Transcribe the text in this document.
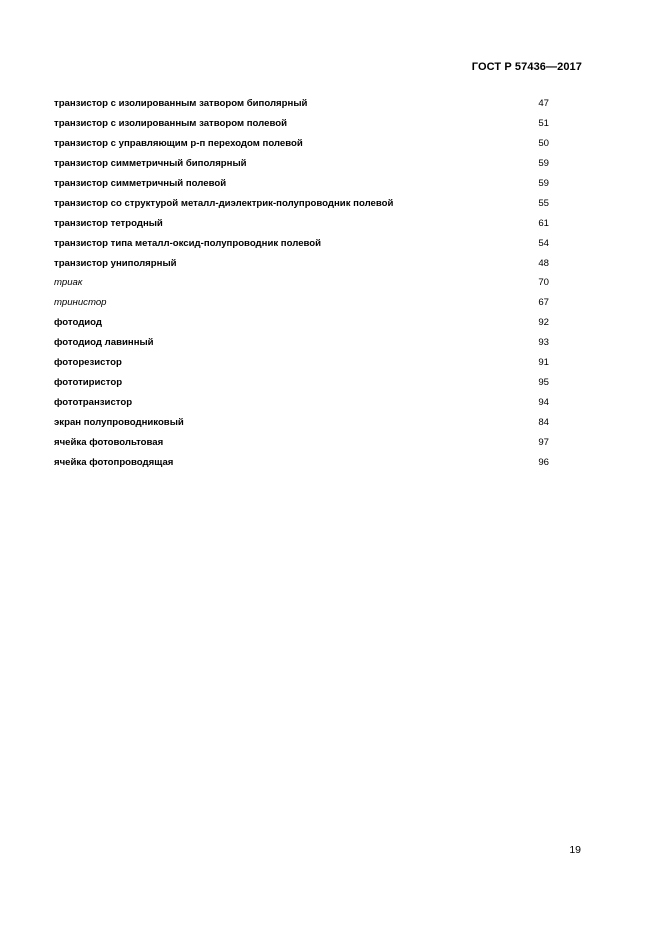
ГОСТ Р 57436—2017
транзистор с изолированным затвором биполярный	47
транзистор с изолированным затвором полевой	51
транзистор с управляющим р-п переходом полевой	50
транзистор симметричный биполярный	59
транзистор симметричный полевой	59
транзистор со структурой металл-диэлектрик-полупроводник полевой	55
транзистор тетродный	61
транзистор типа металл-оксид-полупроводник полевой	54
транзистор униполярный	48
триак	70
тринистор	67
фотодиод	92
фотодиод лавинный	93
фоторезистор	91
фототиристор	95
фототранзистор	94
экран полупроводниковый	84
ячейка фотовольтовая	97
ячейка фотопроводящая	96
19
